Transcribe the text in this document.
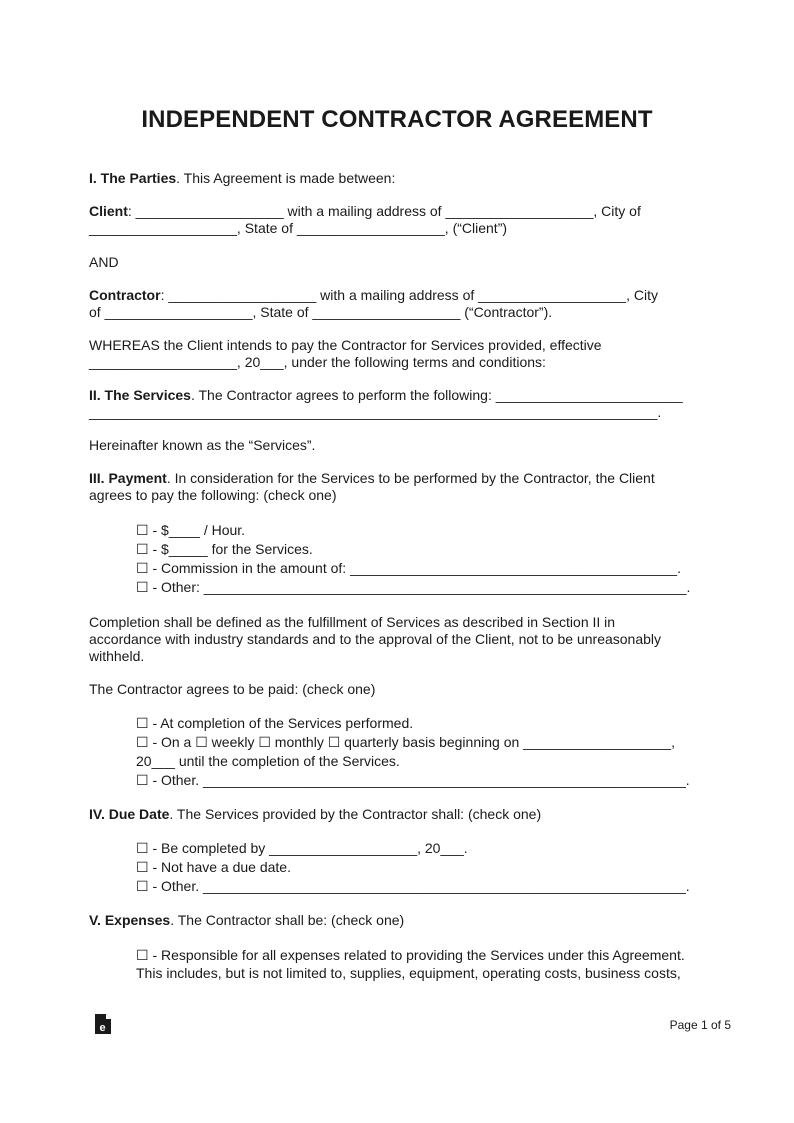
INDEPENDENT CONTRACTOR AGREEMENT

I. The Parties. This Agreement is made between:

Client: ___________________ with a mailing address of ___________________, City of
___________________, State of ___________________, (“Client”)

AND

Contractor: ___________________ with a mailing address of ___________________, City
of ___________________, State of ___________________ (“Contractor”).

WHEREAS the Client intends to pay the Contractor for Services provided, effective
___________________, 20___, under the following terms and conditions:

II. The Services. The Contractor agrees to perform the following: ________________________
_________________________________________________________________________.

Hereinafter known as the “Services”.

III. Payment. In consideration for the Services to be performed by the Contractor, the Client
agrees to pay the following: (check one)

☐ - $____ / Hour.
☐ - $_____ for the Services.
☐ - Commission in the amount of: __________________________________________.
☐ - Other: ______________________________________________________________.

Completion shall be defined as the fulfillment of Services as described in Section II in
accordance with industry standards and to the approval of the Client, not to be unreasonably
withheld.

The Contractor agrees to be paid: (check one)

☐ - At completion of the Services performed.
☐ - On a ☐ weekly ☐ monthly ☐ quarterly basis beginning on ___________________,
20___ until the completion of the Services.
☐ - Other. ______________________________________________________________.

IV. Due Date. The Services provided by the Contractor shall: (check one)

☐ - Be completed by ___________________, 20___.
☐ - Not have a due date.
☐ - Other. ______________________________________________________________.

V. Expenses. The Contractor shall be: (check one)

☐ - Responsible for all expenses related to providing the Services under this Agreement.
This includes, but is not limited to, supplies, equipment, operating costs, business costs,
e	Page 1 of 5
